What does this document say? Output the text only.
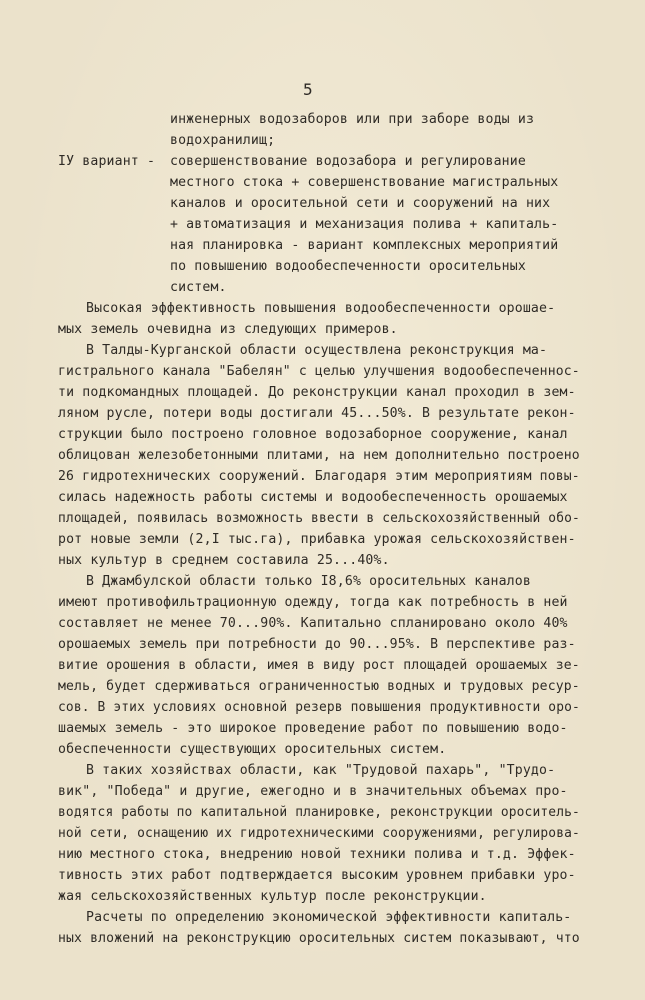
5
IУ вариант -
инженерных водозаборов или при заборе воды из
водохранилищ;
совершенствование водозабора и регулирование
местного стока + совершенствование магистральных
каналов и оросительной сети и сооружений на них
+ автоматизация и механизация полива + капиталь-
ная планировка - вариант комплексных мероприятий
по повышению водообеспеченности оросительных
систем.
Высокая эффективность повышения водообеспеченности орошае-
мых земель очевидна из следующих примеров.
В Талды-Курганской области осуществлена реконструкция ма-
гистрального канала "Бабелян" с целью улучшения водообеспеченнос-
ти подкомандных площадей. До реконструкции канал проходил в зем-
ляном русле, потери воды достигали 45...50%. В результате рекон-
струкции было построено головное водозаборное сооружение, канал
облицован железобетонными плитами, на нем дополнительно построено
26 гидротехнических сооружений. Благодаря этим мероприятиям повы-
силась надежность работы системы и водообеспеченность орошаемых
площадей, появилась возможность ввести в сельскохозяйственный обо-
рот новые земли (2,I тыс.га), прибавка урожая сельскохозяйствен-
ных культур в среднем составила 25...40%.
В Джамбулской области только I8,6% оросительных каналов
имеют противофильтрационную одежду, тогда как потребность в ней
составляет не менее 70...90%. Капитально спланировано около 40%
орошаемых земель при потребности до 90...95%. В перспективе раз-
витие орошения в области, имея в виду рост площадей орошаемых зе-
мель, будет сдерживаться ограниченностью водных и трудовых ресур-
сов. В этих условиях основной резерв повышения продуктивности оро-
шаемых земель - это широкое проведение работ по повышению водо-
обеспеченности существующих оросительных систем.
В таких хозяйствах области, как "Трудовой пахарь", "Трудо-
вик", "Победа" и другие, ежегодно и в значительных объемах про-
водятся работы по капитальной планировке, реконструкции ороситель-
ной сети, оснащению их гидротехническими сооружениями, регулирова-
нию местного стока, внедрению новой техники полива и т.д. Эффек-
тивность этих работ подтверждается высоким уровнем прибавки уро-
жая сельскохозяйственных культур после реконструкции.
Расчеты по определению экономической эффективности капиталь-
ных вложений на реконструкцию оросительных систем показывают, что
